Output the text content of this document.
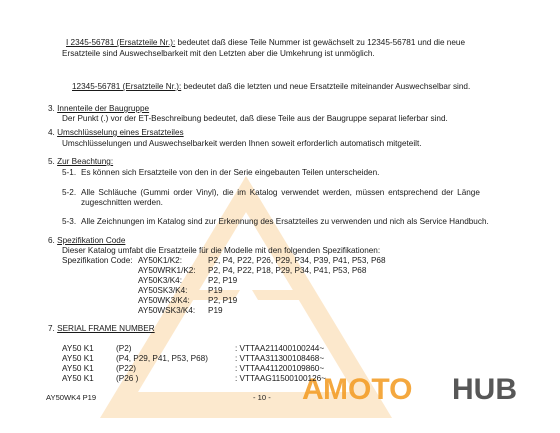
A MOTO HUB
I 2345-56781 (Ersatzteile Nr.): bedeutet daß diese Teile Nummer ist gewächselt zu 12345-56781 und die neue
Ersatzteile sind Auswechselbarkeit mit den Letzten aber die Umkehrung ist unmöglich.
12345-56781 (Ersatzteile Nr.): bedeutet daß die letzten und neue Ersatzteile miteinander Auswechselbar sind.
3. Innenteile der Baugruppe
Der Punkt (.) vor der ET-Beschreibung bedeutet, daß diese Teile aus der Baugruppe separat lieferbar sind.
4. Umschlüsselung eines Ersatzteiles
Umschlüsselungen und Auswechselbarkeit werden Ihnen soweit erforderlich automatisch mitgeteilt.
5. Zur Beachtung:
5-1. Es können sich Ersatzteile von den in der Serie eingebauten Teilen unterscheiden.
5-2. Alle Schläuche (Gummi order Vinyl), die im Katalog verwendet werden, müssen entsprechend der Länge
zugeschnitten werden.
5-3. Alle Zeichnungen im Katalog sind zur Erkennung des Ersatzteiles zu verwenden und nich als Service Handbuch.
6. Spezifikation Code
Dieser Katalog umfabt die Ersatzteile für die Modelle mit den folgenden Spezifikationen:
Spezifikation Code: AY50K1/K2:	P2, P4, P22, P26, P29, P34, P39, P41, P53, P68
AY50WRK1/K2: P2, P4, P22, P18, P29, P34, P41, P53, P68
AY50K3/K4:	P2, P19
AY50SK3/K4:	P19
AY50WK3/K4: P2, P19
AY50WSK3/K4: P19
7. SERIAL FRAME NUMBER
AY50 K1	(P2)	: VTTAA211400100244~
AY50 K1	(P4, P29, P41, P53, P68)	: VTTAA311300108468~
AY50 K1	(P22)	: VTTAA411200109860~
AY50 K1	(P26 )	: VTTAAG11500100126~
AY50WK4 P19	- 10 -
